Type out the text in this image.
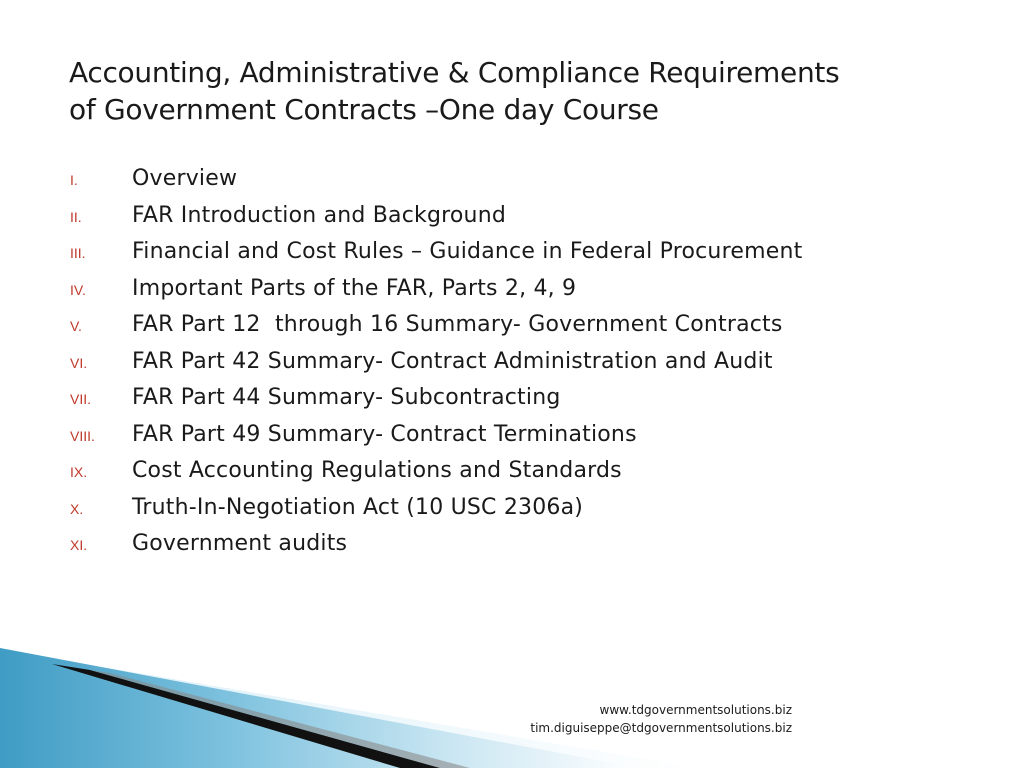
Accounting, Administrative & Compliance Requirements
of Government Contracts –One day Course
I.	Overview
II.	FAR Introduction and Background
III.	Financial and Cost Rules – Guidance in Federal Procurement
IV.	Important Parts of the FAR, Parts 2, 4, 9
V.	FAR Part 12  through 16 Summary- Government Contracts
VI.	FAR Part 42 Summary- Contract Administration and Audit
VII.	FAR Part 44 Summary- Subcontracting
VIII.	FAR Part 49 Summary- Contract Terminations
IX.	Cost Accounting Regulations and Standards
X.	Truth-In-Negotiation Act (10 USC 2306a)
XI.	Government audits
www.tdgovernmentsolutions.biz
tim.diguiseppe@tdgovernmentsolutions.biz
